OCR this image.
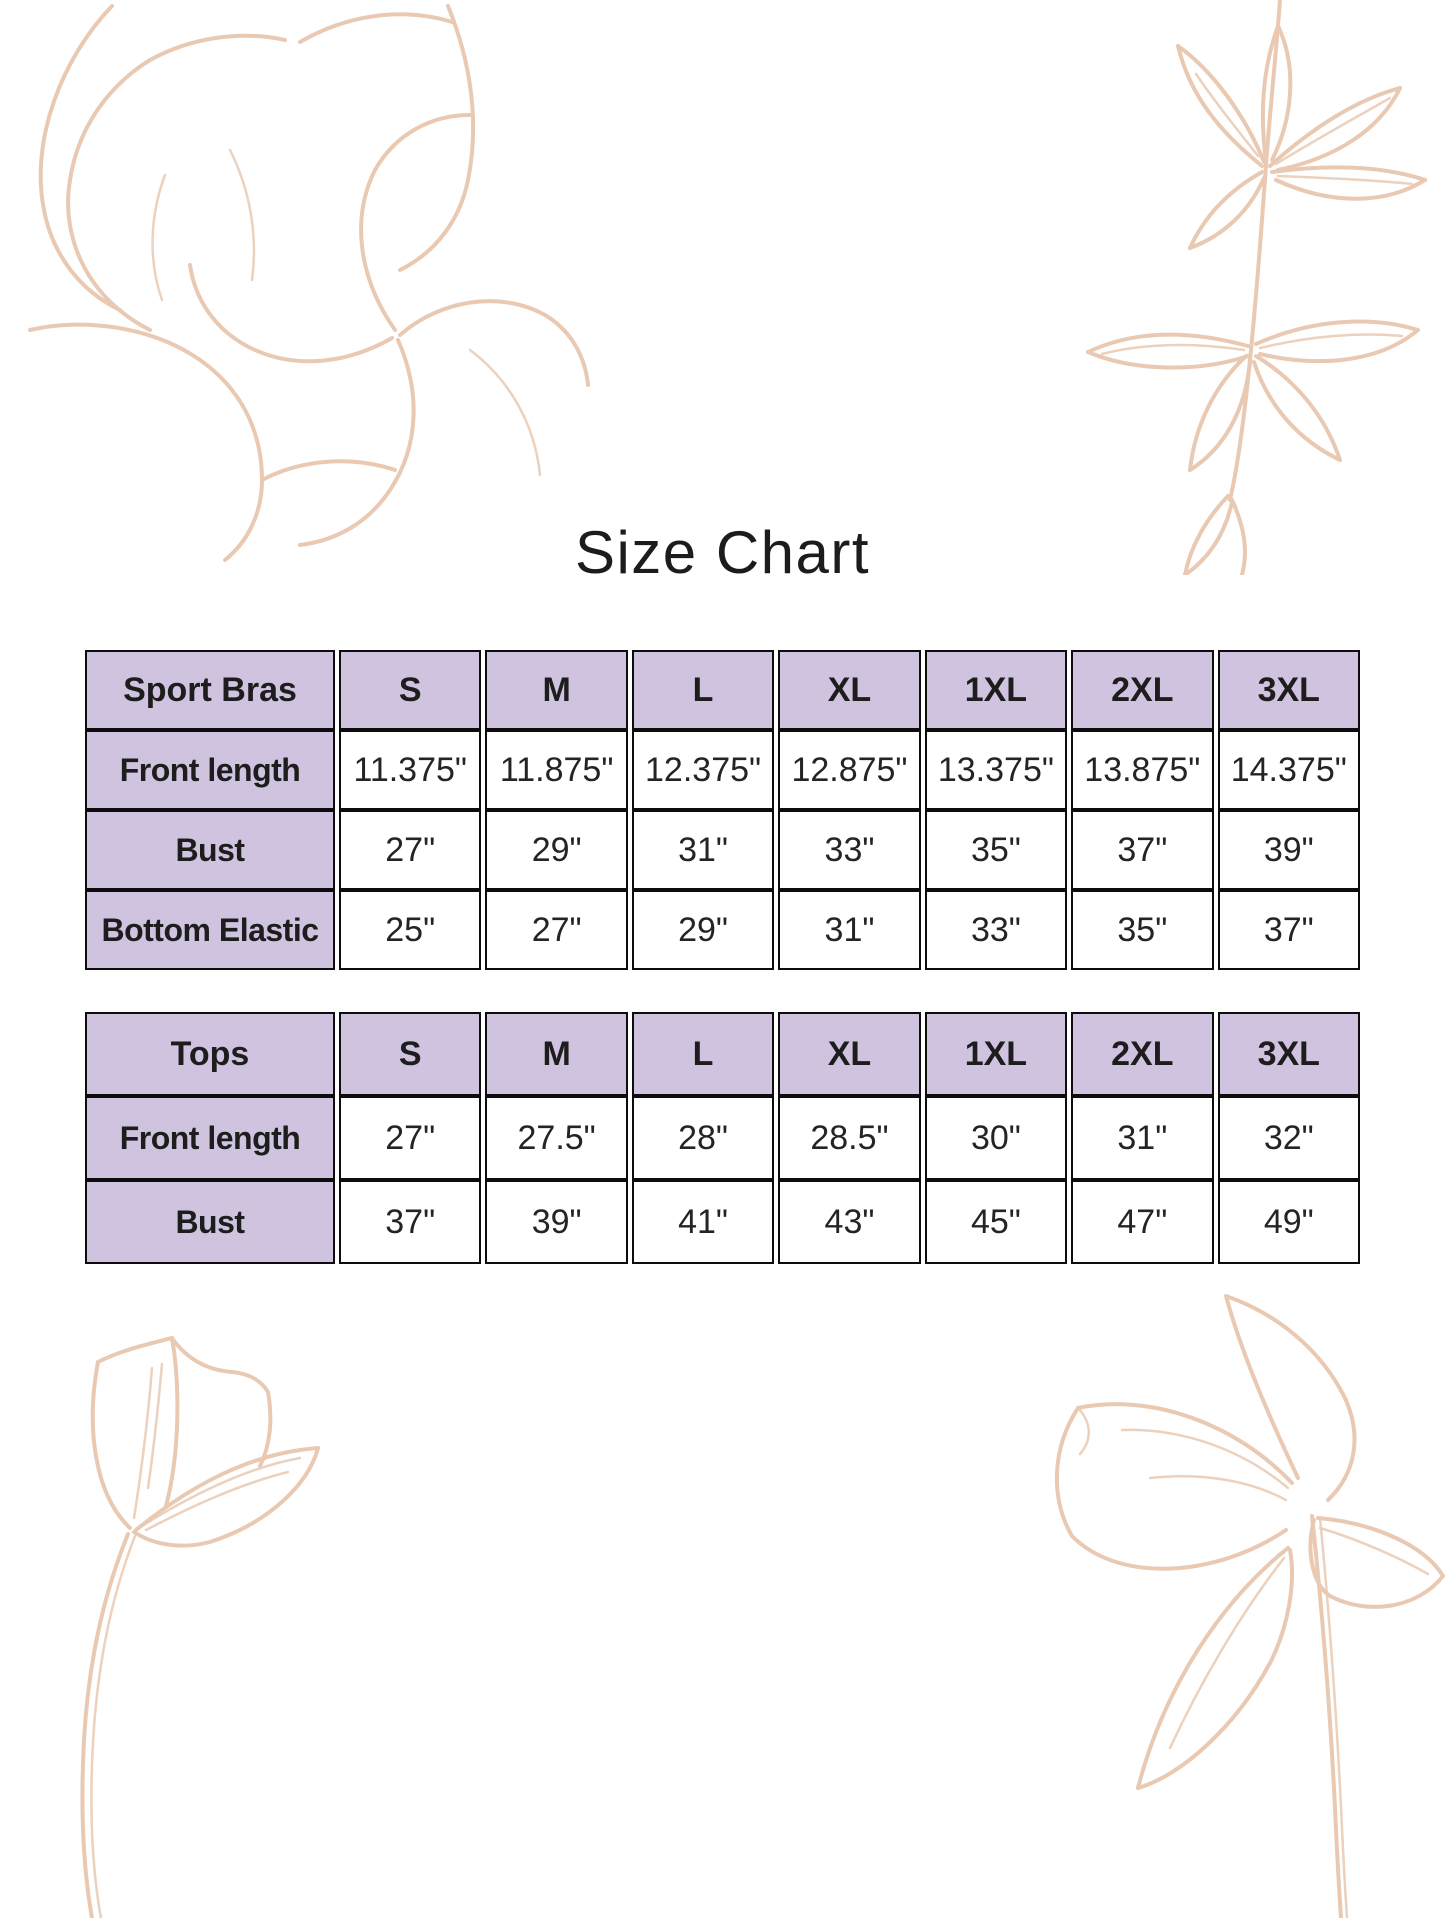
Size Chart
Sport Bras	S	M	L	XL	1XL	2XL	3XL
Front length	11.375"	11.875"	12.375"	12.875"	13.375"	13.875"	14.375"
Bust	27"	29"	31"	33"	35"	37"	39"
Bottom Elastic	25"	27"	29"	31"	33"	35"	37"
Tops	S	M	L	XL	1XL	2XL	3XL
Front length	27"	27.5"	28"	28.5"	30"	31"	32"
Bust	37"	39"	41"	43"	45"	47"	49"
